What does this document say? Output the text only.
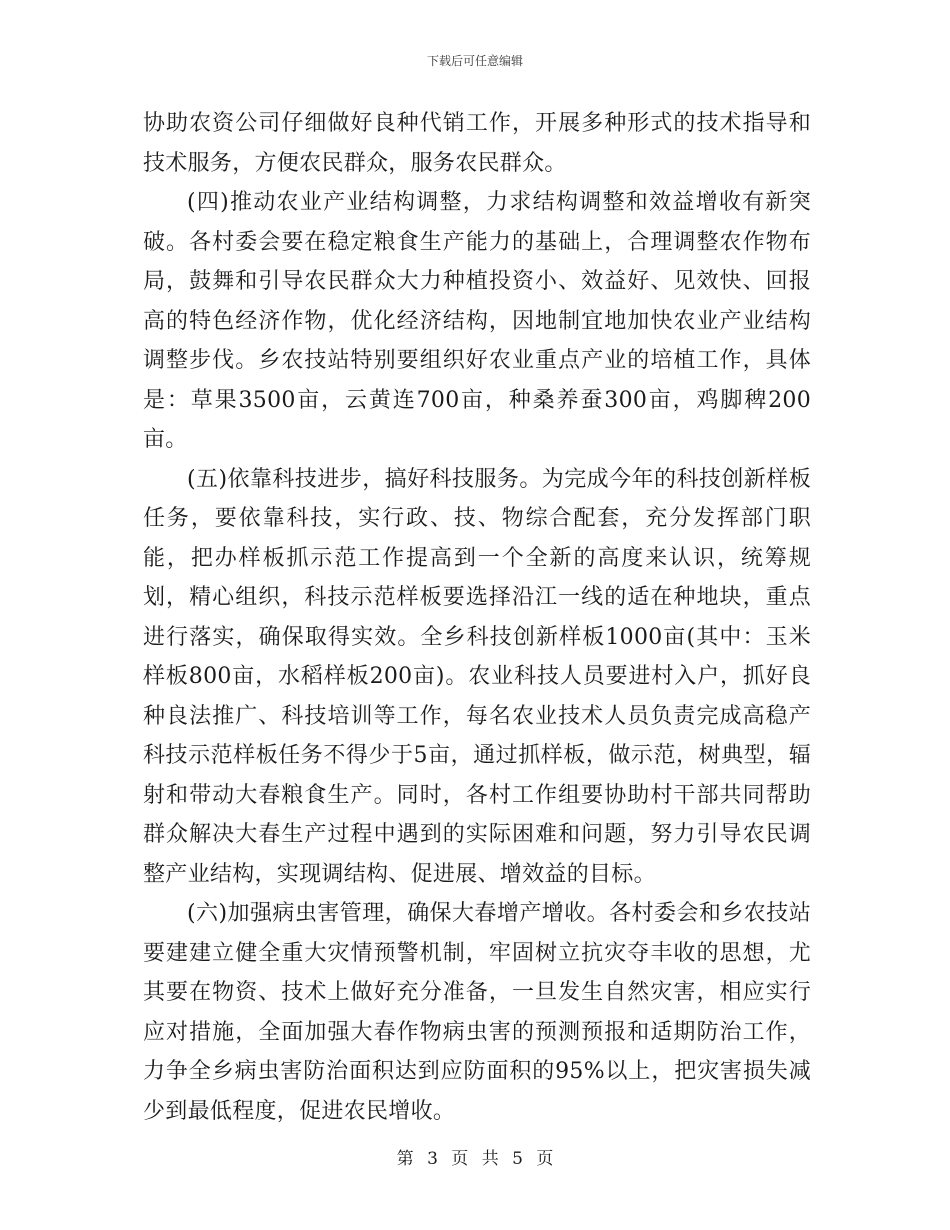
下载后可任意编辑

协助农资公司仔细做好良种代销工作，开展多种形式的技术指导和技术服务，方便农民群众，服务农民群众。

(四)推动农业产业结构调整，力求结构调整和效益增收有新突破。各村委会要在稳定粮食生产能力的基础上，合理调整农作物布局，鼓舞和引导农民群众大力种植投资小、效益好、见效快、回报高的特色经济作物，优化经济结构，因地制宜地加快农业产业结构调整步伐。乡农技站特别要组织好农业重点产业的培植工作，具体是：草果3500亩，云黄连700亩，种桑养蚕300亩，鸡脚稗200亩。

(五)依靠科技进步，搞好科技服务。为完成今年的科技创新样板任务，要依靠科技，实行政、技、物综合配套，充分发挥部门职能，把办样板抓示范工作提高到一个全新的高度来认识，统筹规划，精心组织，科技示范样板要选择沿江一线的适在种地块，重点进行落实，确保取得实效。全乡科技创新样板1000亩(其中：玉米样板800亩，水稻样板200亩)。农业科技人员要进村入户，抓好良种良法推广、科技培训等工作，每名农业技术人员负责完成高稳产科技示范样板任务不得少于5亩，通过抓样板，做示范，树典型，辐射和带动大春粮食生产。同时，各村工作组要协助村干部共同帮助群众解决大春生产过程中遇到的实际困难和问题，努力引导农民调整产业结构，实现调结构、促进展、增效益的目标。

(六)加强病虫害管理，确保大春增产增收。各村委会和乡农技站要建建立健全重大灾情预警机制，牢固树立抗灾夺丰收的思想，尤其要在物资、技术上做好充分准备，一旦发生自然灾害，相应实行应对措施，全面加强大春作物病虫害的预测预报和适期防治工作，力争全乡病虫害防治面积达到应防面积的95%以上，把灾害损失减少到最低程度，促进农民增收。

第 3 页 共 5 页
